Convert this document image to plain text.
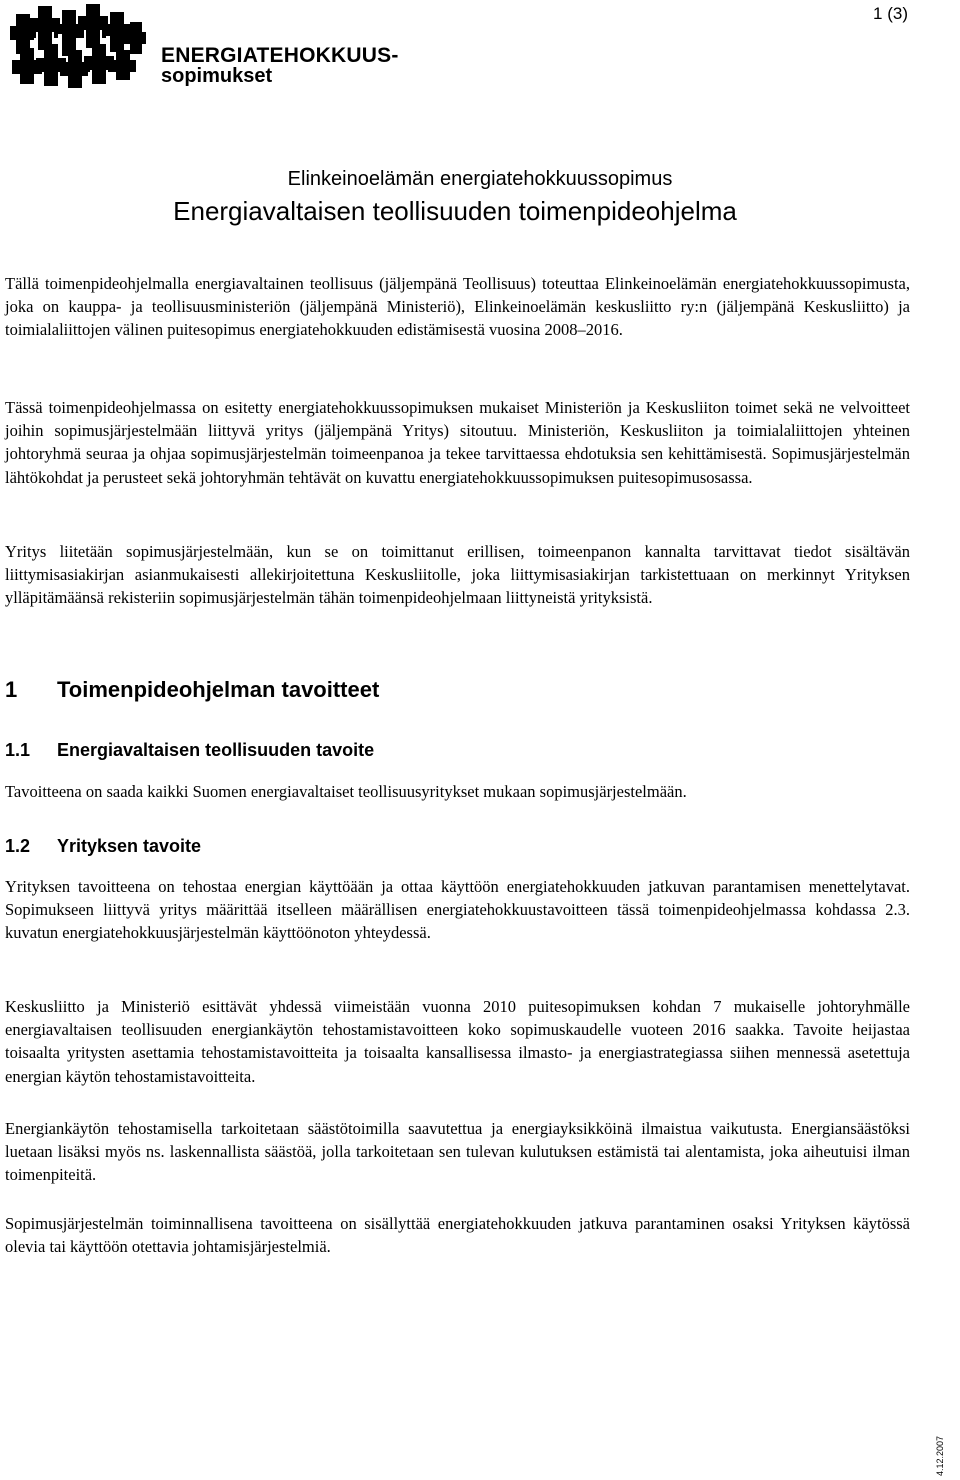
ENERGIATEHOKKUUS-
sopimukset
1 (3)
Elinkeinoelämän energiatehokkuussopimus
Energiavaltaisen teollisuuden toimenpideohjelma

Tällä toimenpideohjelmalla energiavaltainen teollisuus (jäljempänä Teollisuus) toteuttaa Elinkeinoelämän energiatehokkuussopimusta, joka on kauppa- ja teollisuusministeriön (jäljempänä Ministeriö), Elinkeinoelämän keskusliitto ry:n (jäljempänä Keskusliitto) ja toimialaliittojen välinen puitesopimus energiatehokkuuden edistämisestä vuosina 2008–2016.

Tässä toimenpideohjelmassa on esitetty energiatehokkuussopimuksen mukaiset Ministeriön ja Keskusliiton toimet sekä ne velvoitteet joihin sopimusjärjestelmään liittyvä yritys (jäljempänä Yritys) sitoutuu. Ministeriön, Keskusliiton ja toimialaliittojen yhteinen johtoryhmä seuraa ja ohjaa sopimusjärjestelmän toimeenpanoa ja tekee tarvittaessa ehdotuksia sen kehittämisestä. Sopimusjärjestelmän lähtökohdat ja perusteet sekä johtoryhmän tehtävät on kuvattu energiatehokkuussopimuksen puitesopimusosassa.

Yritys liitetään sopimusjärjestelmään, kun se on toimittanut erillisen, toimeenpanon kannalta tarvittavat tiedot sisältävän liittymisasiakirjan asianmukaisesti allekirjoitettuna Keskusliitolle, joka liittymisasiakirjan tarkistettuaan on merkinnyt Yrityksen ylläpitämäänsä rekisteriin sopimusjärjestelmän tähän toimenpideohjelmaan liittyneistä yrityksistä.

1 Toimenpideohjelman tavoitteet
1.1 Energiavaltaisen teollisuuden tavoite

Tavoitteena on saada kaikki Suomen energiavaltaiset teollisuusyritykset mukaan sopimusjärjestelmään.

1.2 Yrityksen tavoite

Yrityksen tavoitteena on tehostaa energian käyttöään ja ottaa käyttöön energiatehokkuuden jatkuvan parantamisen menettelytavat. Sopimukseen liittyvä yritys määrittää itselleen määrällisen energiatehokkuustavoitteen tässä toimenpideohjelmassa kohdassa 2.3. kuvatun energiatehokkuusjärjestelmän käyttöönoton yhteydessä.

Keskusliitto ja Ministeriö esittävät yhdessä viimeistään vuonna 2010 puitesopimuksen kohdan 7 mukaiselle johtoryhmälle energiavaltaisen teollisuuden energiankäytön tehostamistavoitteen koko sopimuskaudelle vuoteen 2016 saakka. Tavoite heijastaa toisaalta yritysten asettamia tehostamistavoitteita ja toisaalta kansallisessa ilmasto- ja energiastrategiassa siihen mennessä asetettuja energian käytön tehostamistavoitteita.

Energiankäytön tehostamisella tarkoitetaan säästötoimilla saavutettua ja energiayksikköinä ilmaistua vaikutusta. Energiansäästöksi luetaan lisäksi myös ns. laskennallista säästöä, jolla tarkoitetaan sen tulevan kulutuksen estämistä tai alentamista, joka aiheutuisi ilman toimenpiteitä.

Sopimusjärjestelmän toiminnallisena tavoitteena on sisällyttää energiatehokkuuden jatkuva parantaminen osaksi Yrityksen käytössä olevia tai käyttöön otettavia johtamisjärjestelmiä.

4.12.2007
